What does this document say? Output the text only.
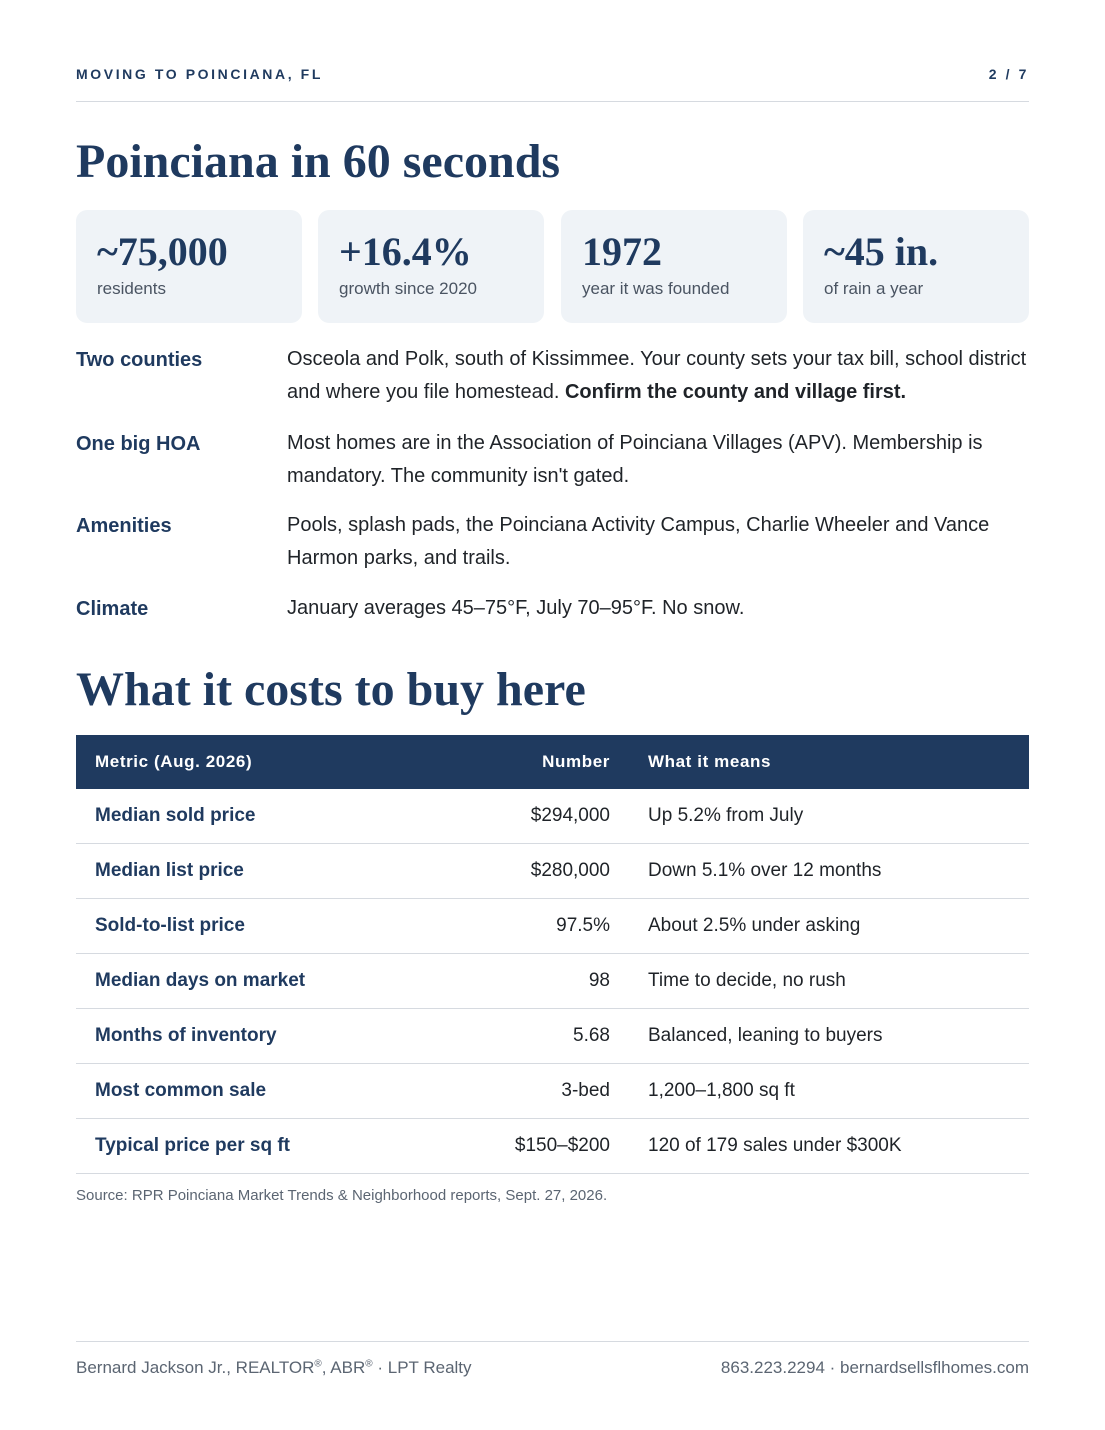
MOVING TO POINCIANA, FL	2 / 7
Poinciana in 60 seconds
~75,000
residents
+16.4%
growth since 2020
1972
year it was founded
~45 in.
of rain a year
Two counties	Osceola and Polk, south of Kissimmee. Your county sets your tax bill, school district and where you file homestead. Confirm the county and village first.
One big HOA	Most homes are in the Association of Poinciana Villages (APV). Membership is mandatory. The community isn't gated.
Amenities	Pools, splash pads, the Poinciana Activity Campus, Charlie Wheeler and Vance Harmon parks, and trails.
Climate	January averages 45–75°F, July 70–95°F. No snow.
What it costs to buy here
Metric (Aug. 2026)	Number What it means
Median sold price	$294,000 Up 5.2% from July
Median list price	$280,000 Down 5.1% over 12 months
Sold-to-list price	97.5% About 2.5% under asking
Median days on market	98 Time to decide, no rush
Months of inventory	5.68 Balanced, leaning to buyers
Most common sale	3-bed 1,200–1,800 sq ft
Typical price per sq ft	$150–$200 120 of 179 sales under $300K
Source: RPR Poinciana Market Trends & Neighborhood reports, Sept. 27, 2026.
Bernard Jackson Jr., REALTOR®, ABR® · LPT Realty	863.223.2294 · bernardsellsflhomes.com
